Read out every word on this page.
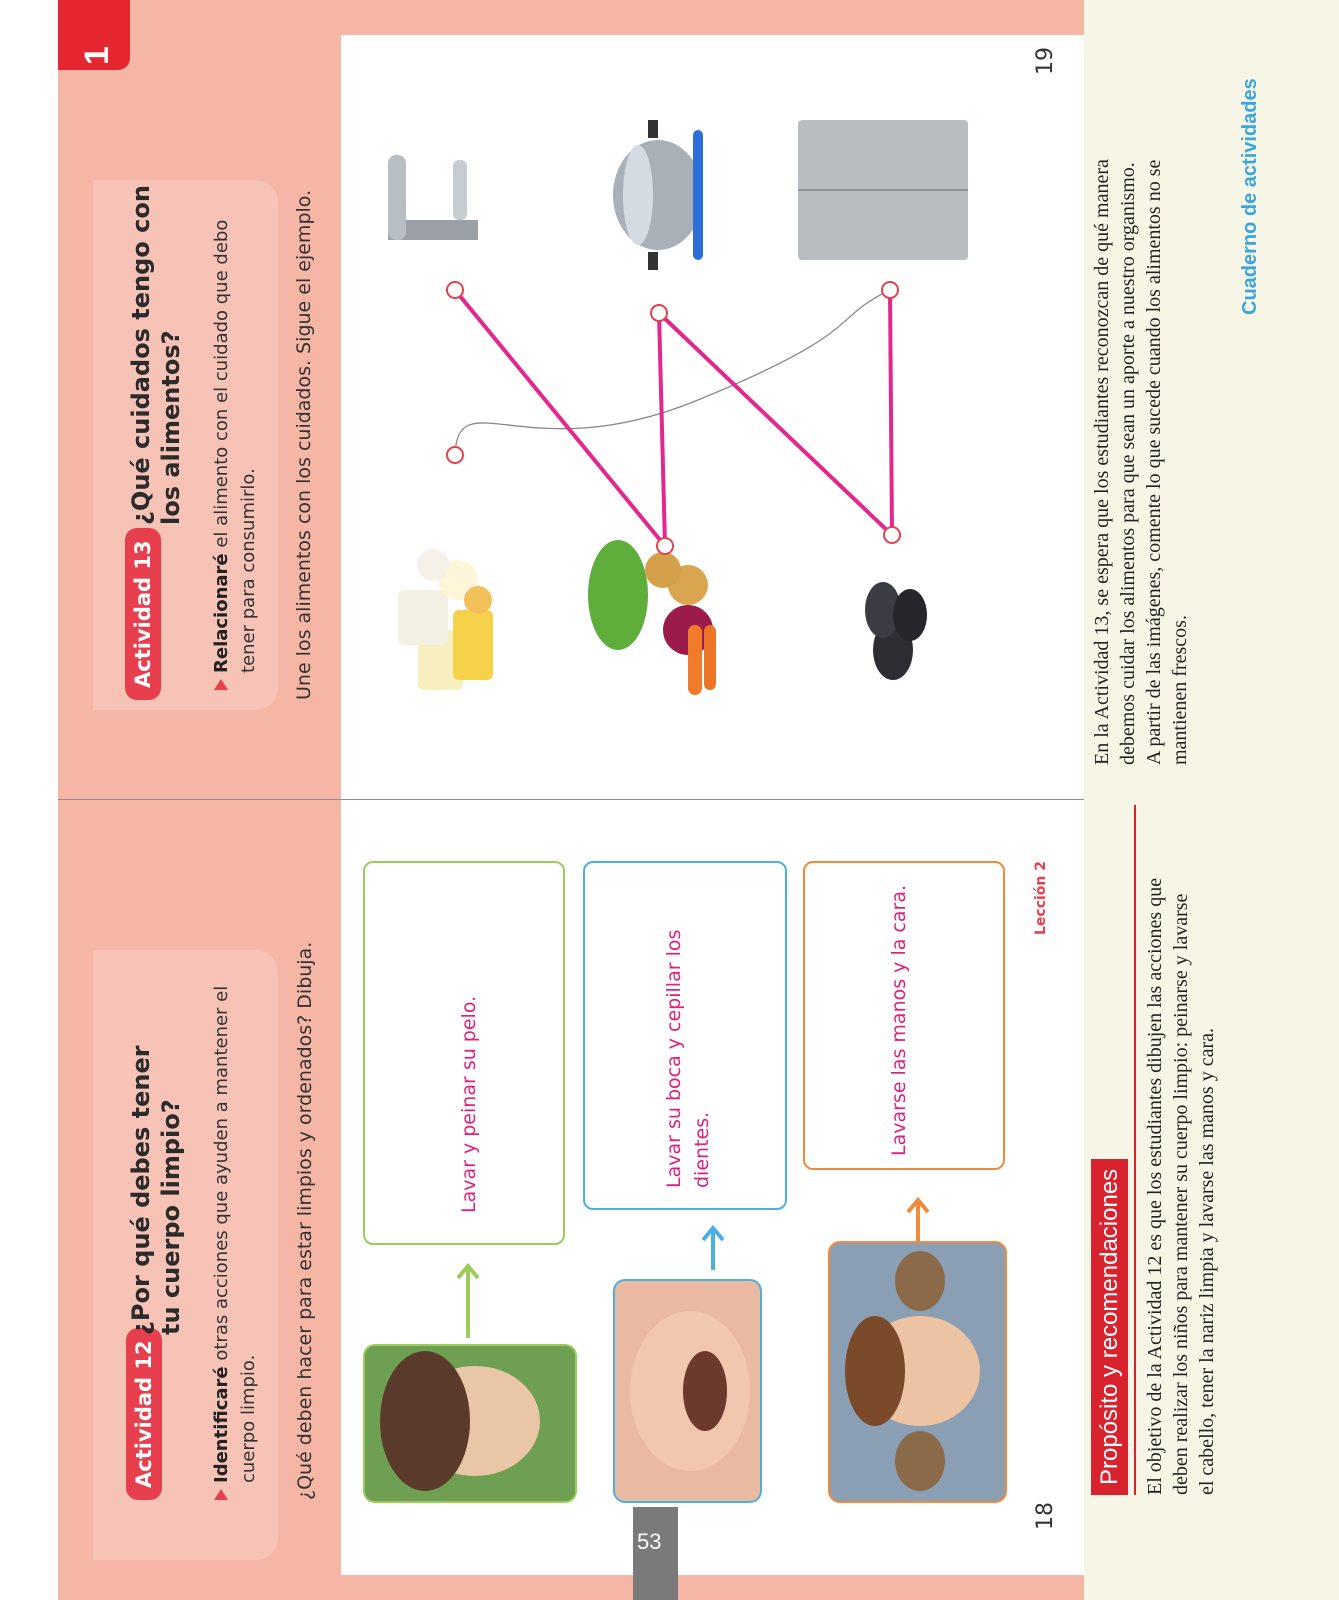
1
Actividad 13
¿Qué cuidados tengo con los alimentos?
Relacionaré el alimento con el cuidado que debo
tener para consumirlo. Une los alimentos con los cuidados. Sigue el ejemplo.
19
Actividad 12
¿Por qué debes tener tu cuerpo limpio?
Identificaré otras acciones que ayuden a mantener el
cuerpo limpio. ¿Qué deben hacer para estar limpios y ordenados? Dibuja.	Lavar y peinar su pelo.	Lavar su boca y cepillar los dientes.	Lavarse las manos y la cara.	Lección 2
18
53
Propósito y recomendaciones El objetivo de la Actividad 12 es que los estudiantes dibujen las acciones que deben realizar los niños para mantener su cuerpo limpio: peinarse y lavarse el cabello, tener la nariz limpia y lavarse las manos y cara.
En la Actividad 13, se espera que los estudiantes reconozcan de qué manera debemos cuidar los alimentos para que sean un aporte a nuestro organismo. A partir de las imágenes, comente lo que sucede cuando los alimentos no se mantienen frescos.
Cuaderno de actividades
